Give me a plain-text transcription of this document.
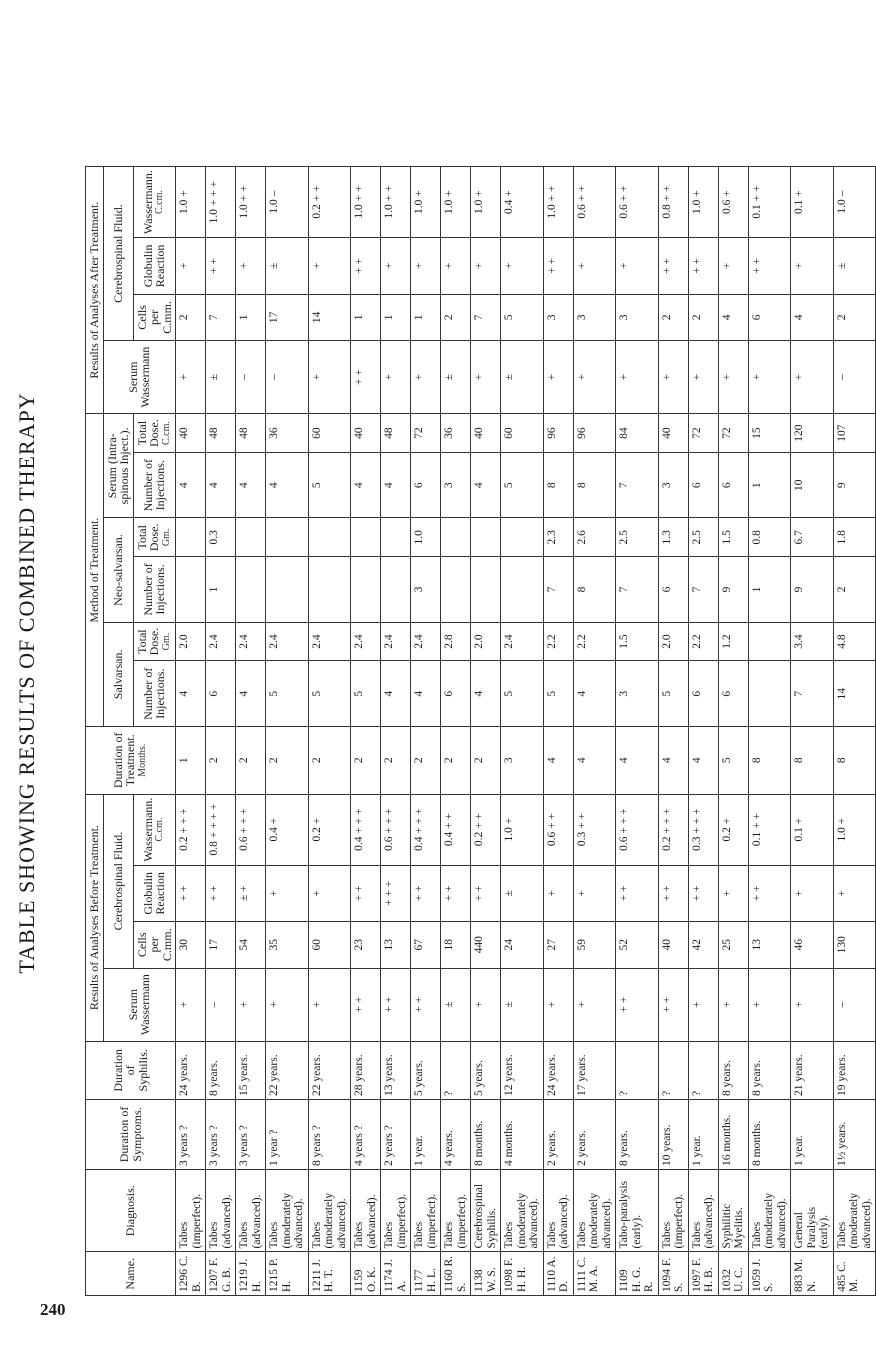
240
TABLE SHOWING RESULTS OF COMBINED THERAPY
Name.	Diagnosis.	Duration of Symptoms.	Duration of Syphilis.	Results of Analyses Before Treatment.				Duration of Treatment. Months.	Method of Treatment.						Results of Analyses After Treatment.			
				Serum Wassermann	Cerebrospinal Fluid.				Salvarsan.		Neo-salvarsan.		Serum (Intra-spinous Inject.).		Serum Wassermann	Cerebrospinal Fluid.		
					Cells per C.mm.	Globulin Reaction	Wassermann. C.cm.		Number of Injections.	Total Dose. Gm.	Number of Injections.	Total Dose. Gm.	Number of Injections.	Total Dose. C.cm.		Cells per C.mm.	Globulin Reaction	Wassermann. C.cm.

1296 C. B.	Tabes (imperfect).	3 years ?	24 years.	+	30	+ +	0.2 + + +	1	4	2.0			4	40	+	2	+	1.0 +
1207 F. G. B.	Tabes (advanced).	3 years ?	8 years.	–	17	+ +	0.8 + + + +	2	6	2.4	1	0.3	4	48	±	7	+ +	1.0 + + +
1219 J. H.	Tabes (advanced).	3 years ?	15 years.	+	54	± +	0.6 + + +	2	4	2.4			4	48	–	1	+	1.0 + +
1215 P. H.	Tabes (moderately advanced).	1 year ?	22 years.	+	35	+	0.4 +	2	5	2.4			4	36	–	17	±	1.0 –
1211 J. H. T.	Tabes (moderately advanced).	8 years ?	22 years.	+	60	+	0.2 +	2	5	2.4			5	60	+	14	+	0.2 + +
1159 O. K.	Tabes (advanced).	4 years ?	28 years.	+ +	23	+ +	0.4 + + +	2	5	2.4			4	40	+ +	1	+ +	1.0 + +
1174 J. A.	Tabes (imperfect).	2 years ?	13 years.	+ +	13	+ + +	0.6 + + +	2	4	2.4			4	48	+	1	+	1.0 + +
1177 H. L.	Tabes (imperfect).	1 year.	5 years.	+ +	67	+ +	0.4 + + +	2	4	2.4	3	1.0	6	72	+	1	+	1.0 +
1160 R. S.	Tabes (imperfect).	4 years.	?	±	18	+ +	0.4 + +	2	6	2.8			3	36	±	2	+	1.0 +
1138 W. S.	Cerebrospinal Syphilis.	8 months.	5 years.	+	440	+ +	0.2 + +	2	4	2.0			4	40	+	7	+	1.0 +
1098 F. H. H.	Tabes (moderately advanced).	4 months.	12 years.	±	24	±	1.0 +	3	5	2.4			5	60	±	5	+	0.4 +
1110 A. D.	Tabes (advanced).	2 years.	24 years.	+	27	+	0.6 + +	4	5	2.2	7	2.3	8	96	+	3	+ +	1.0 + +
1111 C. M. A.	Tabes (moderately advanced).	2 years.	17 years.	+	59	+	0.3 + +	4	4	2.2	8	2.6	8	96	+	3	+	0.6 + +
1109 H. G. R.	Tabo-paralysis (early).	8 years.	?	+ +	52	+ +	0.6 + + +	4	3	1.5	7	2.5	7	84	+	3	+	0.6 + +
1094 F. S.	Tabes (imperfect).	10 years.	?	+ +	40	+ +	0.2 + + +	4	5	2.0	6	1.3	3	40	+	2	+ +	0.8 + +
1097 F. H. B.	Tabes (advanced).	1 year.	?	+	42	+ +	0.3 + + +	4	6	2.2	7	2.5	6	72	+	2	+ +	1.0 +
1032 U. C.	Syphilitic Myelitis.	16 months.	8 years.	+	25	+	0.2 +	5	6	1.2	9	1.5	6	72	+	4	+	0.6 +
1059 J. S.	Tabes (moderately advanced).	8 months.	8 years.	+	13	+ +	0.1 + +	8			1	0.8	1	15	+	6	+ +	0.1 + +
883 M. N.	General Paralysis (early).	1 year.	21 years.	+	46	+	0.1 +	8	7	3.4	9	6.7	10	120	+	4	+	0.1 +
485 C. M.	Tabes (moderately advanced).	1½ years.	19 years.	–	130	+	1.0 +	8	14	4.8	2	1.8	9	107	–	2	±	1.0 –
